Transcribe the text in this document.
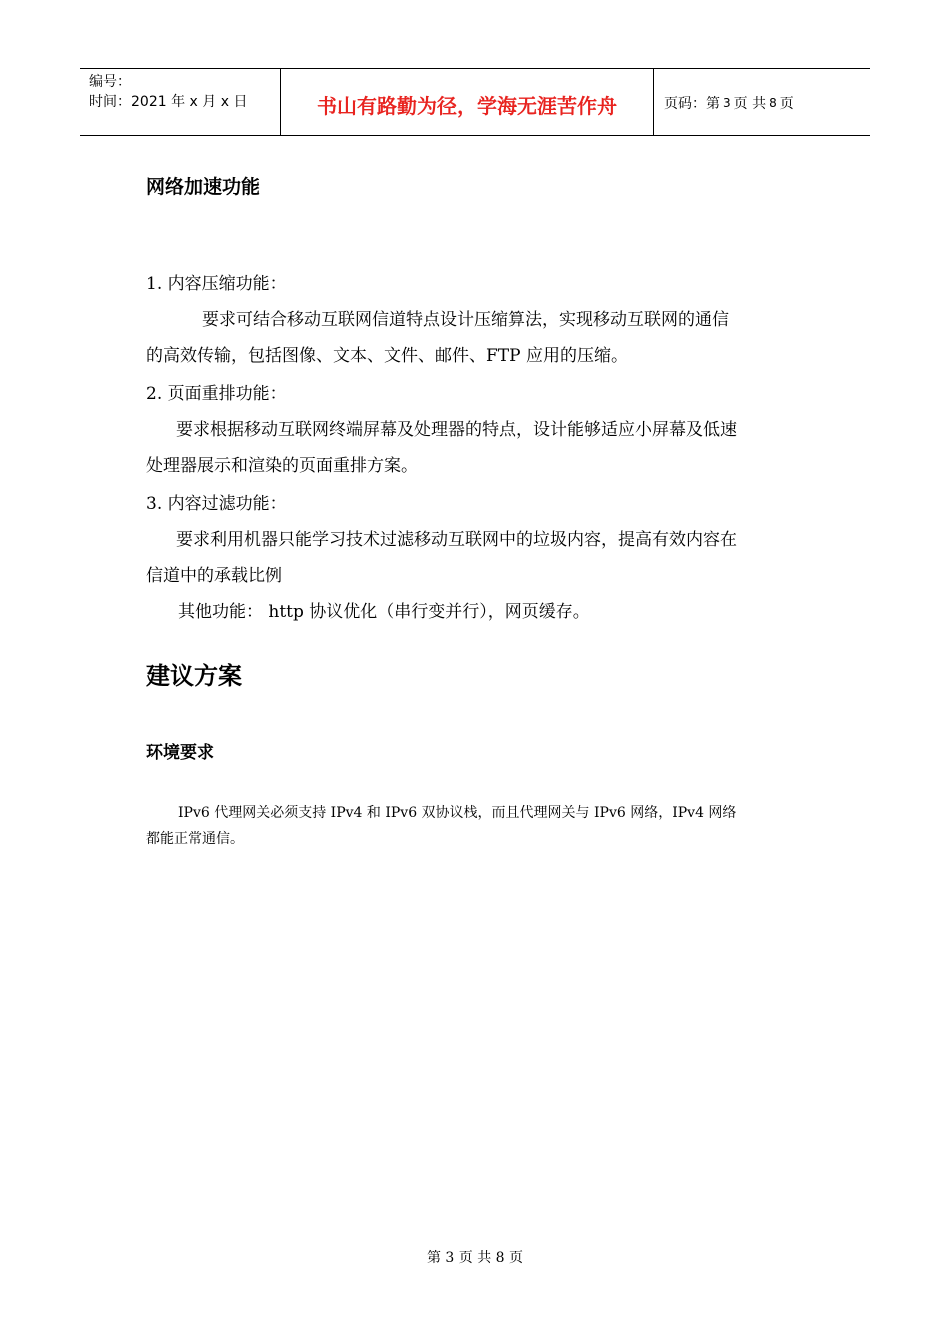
编号：
时间：2021 年 x 月 x 日	书山有路勤为径，学海无涯苦作舟	页码：第 3 页 共 8 页
网络加速功能
1. 内容压缩功能：
要求可结合移动互联网信道特点设计压缩算法，实现移动互联网的通信
的高效传输，包括图像、文本、文件、邮件、FTP 应用的压缩。
2. 页面重排功能：
要求根据移动互联网终端屏幕及处理器的特点，设计能够适应小屏幕及低速
处理器展示和渲染的页面重排方案。
3. 内容过滤功能：
要求利用机器只能学习技术过滤移动互联网中的垃圾内容，提高有效内容在
信道中的承载比例
其他功能： http 协议优化（串行变并行），网页缓存。
建议方案
环境要求
IPv6 代理网关必须支持 IPv4 和 IPv6 双协议栈，而且代理网关与 IPv6 网络，IPv4 网络
都能正常通信。
第 3 页 共 8 页
